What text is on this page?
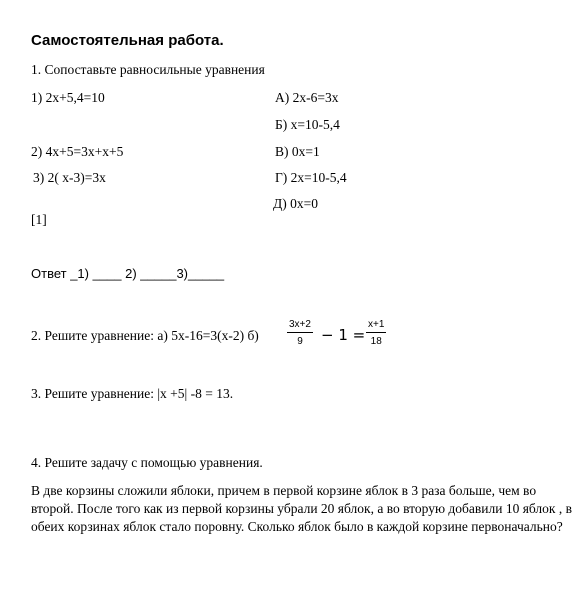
Самостоятельная работа.
1. Сопоставьте равносильные уравнения
1) 2x+5,4=10
2) 4x+5=3x+x+5
3) 2( x-3)=3x
А) 2x-6=3x
Б) x=10-5,4
В) 0x=1
Г) 2x=10-5,4
Д) 0x=0
[1]
Ответ _1) ____ 2) _____3)_____
2. Решите уравнение: а) 5x-16=3(x-2) б)
3x+2
9	− 1 =
x+1
18
3. Решите уравнение: |x +5| -8 = 13.
4. Решите задачу с помощью уравнения.
В две корзины сложили яблоки, причем в первой корзине яблок в 3 раза больше, чем во второй. После того как из первой корзины убрали 20 яблок, а во вторую добавили 10 яблок , в обеих корзинах яблок стало поровну. Сколько яблок было в каждой корзине первоначально?
